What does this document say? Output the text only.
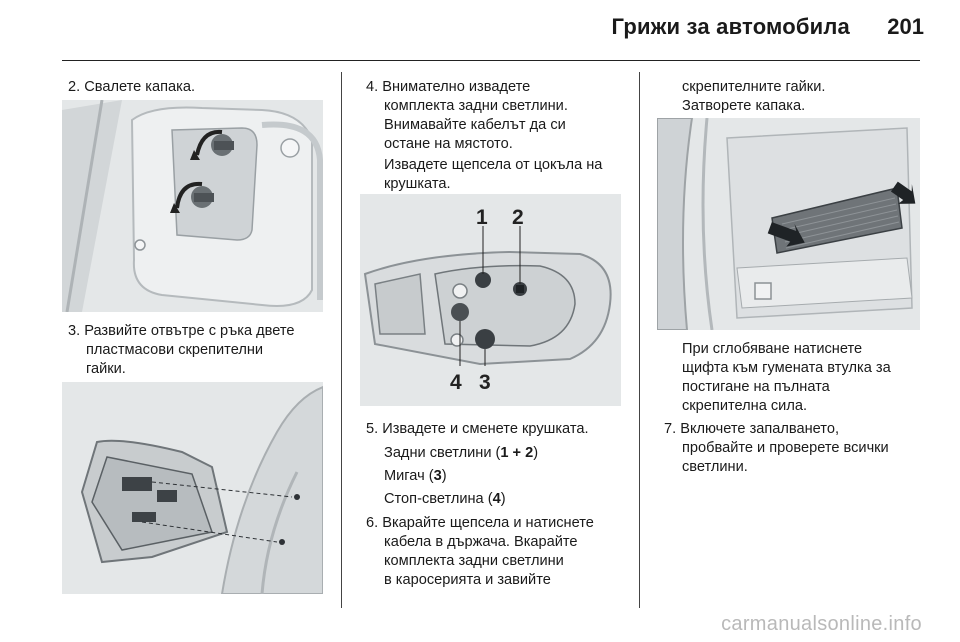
Грижи за автомобила 201
2. Свалете капака.
3. Развийте отвътре с ръка двете
пластмасови скрепителни
гайки.
4. Внимателно извадете
комплекта задни светлини.
Внимавайте кабелът да си
остане на мястото.
Извадете щепсела от цокъла на
крушката.
1 2
4 3
5. Извадете и сменете крушката.
Задни светлини (1 + 2)
Мигач (3)
Стоп-светлина (4)
6. Вкарайте щепсела и натиснете
кабела в държача. Вкарайте
комплекта задни светлини
в каросерията и завийте
скрепителните гайки.
Затворете капака.
При сглобяване натиснете
щифта към гумената втулка за
постигане на пълната
скрепителна сила.
7. Включете запалването,
пробвайте и проверете всички
светлини.
carmanualsonline.info
